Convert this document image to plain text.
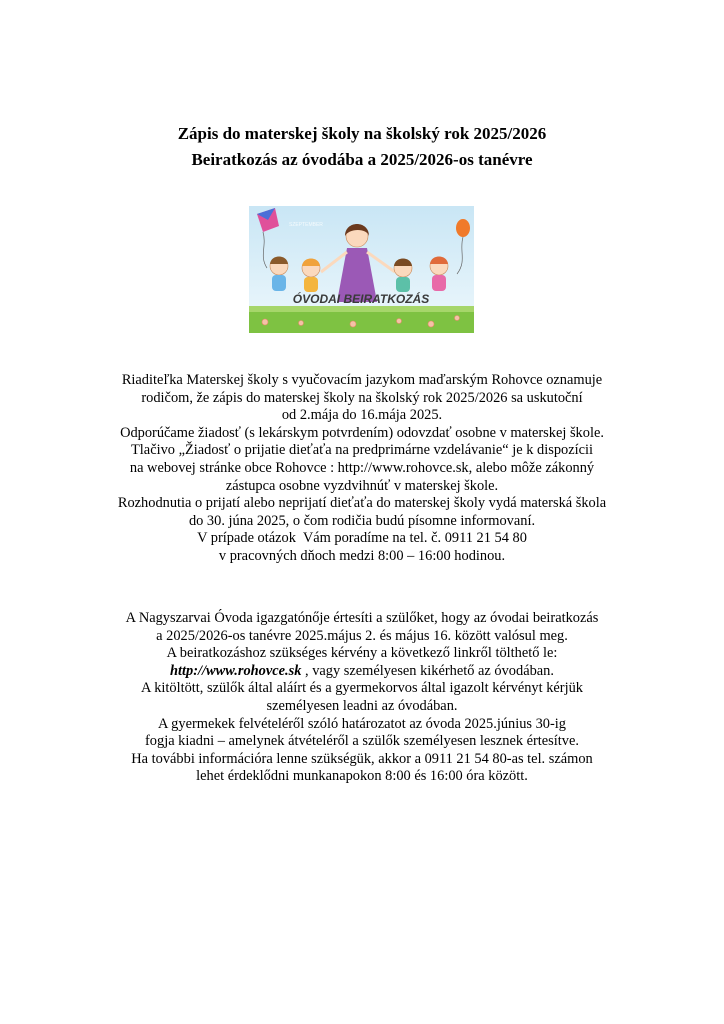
Zápis do materskej školy na školský rok 2025/2026
Beiratkozás az óvodába a 2025/2026-os tanévre
SZEPTEMBER
ÓVODAI BEIRATKOZÁS
Riaditeľka Materskej školy s vyučovacím jazykom maďarským Rohovce oznamuje
rodičom, že zápis do materskej školy na školský rok 2025/2026 sa uskutoční
od 2.mája do 16.mája 2025.
Odporúčame žiadosť (s lekárskym potvrdením) odovzdať osobne v materskej škole.
Tlačivo „Žiadosť o prijatie dieťaťa na predprimárne vzdelávanie“ je k dispozícii
na webovej stránke obce Rohovce : http://www.rohovce.sk, alebo môže zákonný
zástupca osobne vyzdvihnúť v materskej škole.
Rozhodnutia o prijatí alebo neprijatí dieťaťa do materskej školy vydá materská škola
do 30. júna 2025, o čom rodičia budú písomne informovaní.
V prípade otázok  Vám poradíme na tel. č. 0911 21 54 80
v pracovných dňoch medzi 8:00 – 16:00 hodinou.
A Nagyszarvai Óvoda igazgatónője értesíti a szülőket, hogy az óvodai beiratkozás
a 2025/2026-os tanévre 2025.május 2. és május 16. között valósul meg.
A beiratkozáshoz szükséges kérvény a következő linkről tölthető le:
http://www.rohovce.sk , vagy személyesen kikérhető az óvodában.
A kitöltött, szülők által aláírt és a gyermekorvos által igazolt kérvényt kérjük
személyesen leadni az óvodában.
A gyermekek felvételéről szóló határozatot az óvoda 2025.június 30-ig
fogja kiadni – amelynek átvételéről a szülők személyesen lesznek értesítve.
Ha további információra lenne szükségük, akkor a 0911 21 54 80-as tel. számon
lehet érdeklődni munkanapokon 8:00 és 16:00 óra között.
